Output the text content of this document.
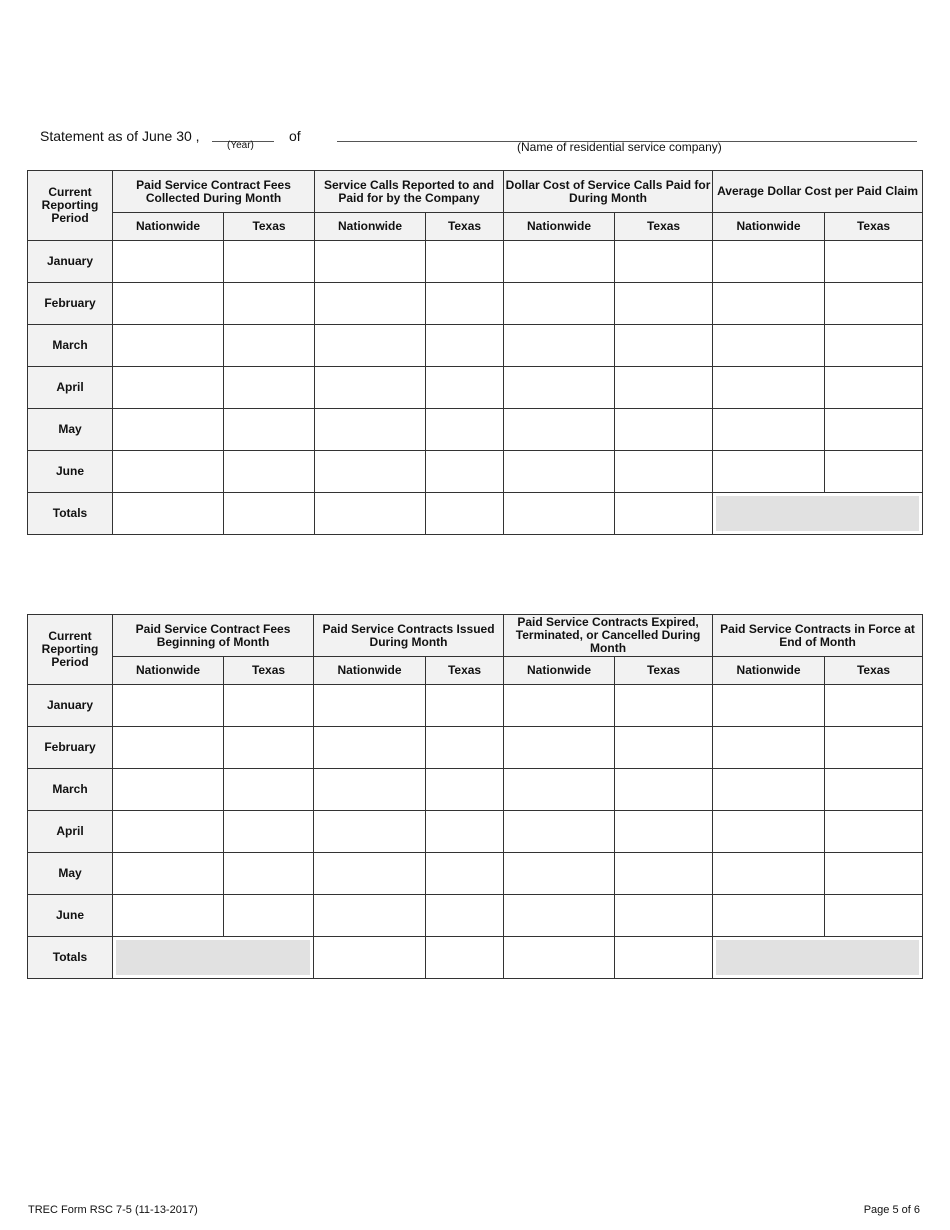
Statement as of June 30 ,
(Year)
of
(Name of residential service company)
Current Reporting Period	Paid Service Contract Fees Collected During Month		Service Calls Reported to and Paid for by the Company		Dollar Cost of Service Calls Paid for During Month		Average Dollar Cost per Paid Claim	
	Nationwide	Texas	Nationwide	Texas	Nationwide	Texas	Nationwide	Texas
January								
February								
March								
April								
May								
June								
Totals								
Current Reporting Period	Paid Service Contract Fees Beginning of Month		Paid Service Contracts Issued During Month		Paid Service Contracts Expired, Terminated, or Cancelled During Month		Paid Service Contracts in Force at End of Month	
	Nationwide	Texas	Nationwide	Texas	Nationwide	Texas	Nationwide	Texas
January								
February								
March								
April								
May								
June								
Totals			

TREC Form RSC 7-5 (11-13-2017)	Page 5 of 6
